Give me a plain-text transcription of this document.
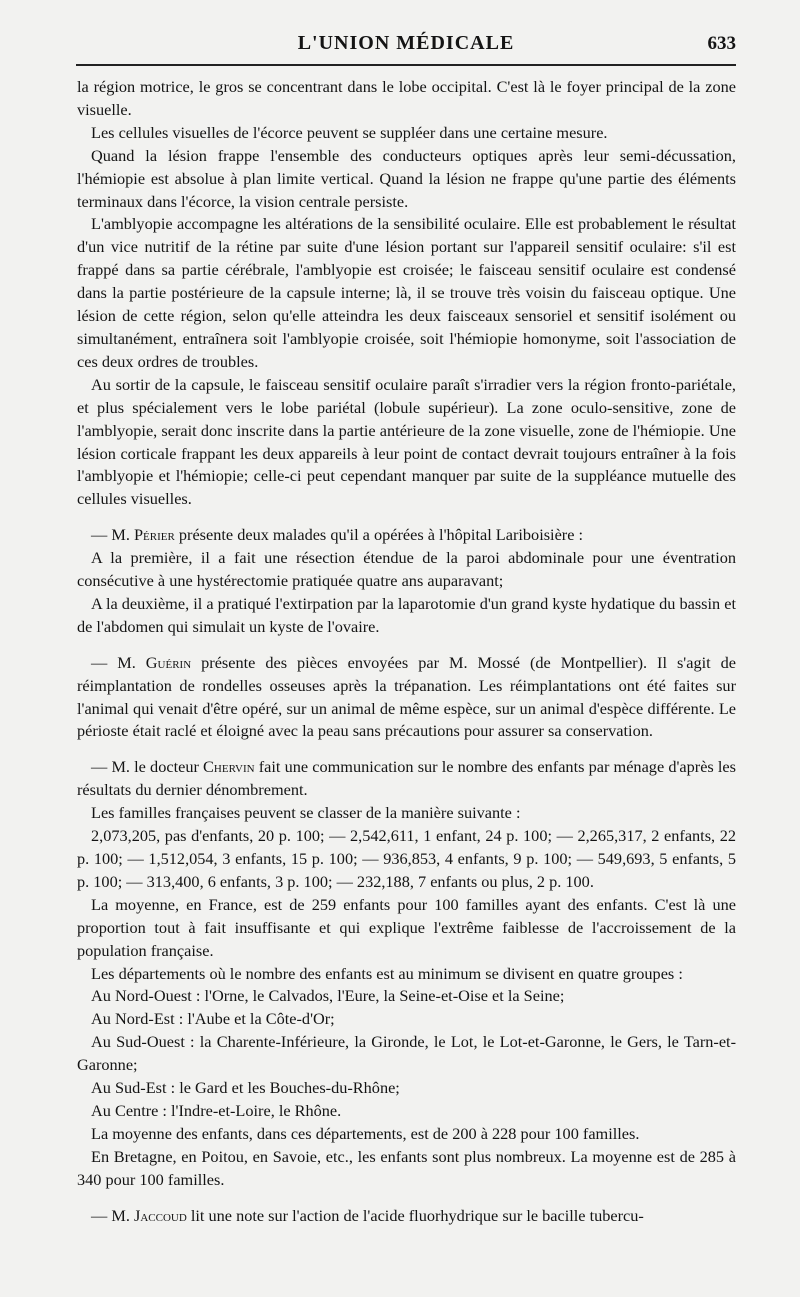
L'UNION MÉDICALE	633

la région motrice, le gros se concentrant dans le lobe occipital. C'est là le foyer principal de la zone visuelle.

Les cellules visuelles de l'écorce peuvent se suppléer dans une certaine mesure.

Quand la lésion frappe l'ensemble des conducteurs optiques après leur semi-décussation, l'hémiopie est absolue à plan limite vertical. Quand la lésion ne frappe qu'une partie des éléments terminaux dans l'écorce, la vision centrale persiste.

L'amblyopie accompagne les altérations de la sensibilité oculaire. Elle est probablement le résultat d'un vice nutritif de la rétine par suite d'une lésion portant sur l'appareil sensitif oculaire: s'il est frappé dans sa partie cérébrale, l'amblyopie est croisée; le faisceau sensitif oculaire est condensé dans la partie postérieure de la capsule interne; là, il se trouve très voisin du faisceau optique. Une lésion de cette région, selon qu'elle atteindra les deux faisceaux sensoriel et sensitif isolément ou simultanément, entraînera soit l'amblyopie croisée, soit l'hémiopie homonyme, soit l'association de ces deux ordres de troubles.

Au sortir de la capsule, le faisceau sensitif oculaire paraît s'irradier vers la région fronto-pariétale, et plus spécialement vers le lobe pariétal (lobule supérieur). La zone oculo-sensitive, zone de l'amblyopie, serait donc inscrite dans la partie antérieure de la zone visuelle, zone de l'hémiopie. Une lésion corticale frappant les deux appareils à leur point de contact devrait toujours entraîner à la fois l'amblyopie et l'hémiopie; celle-ci peut cependant manquer par suite de la suppléance mutuelle des cellules visuelles.

— M. Périer présente deux malades qu'il a opérées à l'hôpital Lariboisière :

A la première, il a fait une résection étendue de la paroi abdominale pour une éventration consécutive à une hystérectomie pratiquée quatre ans auparavant;

A la deuxième, il a pratiqué l'extirpation par la laparotomie d'un grand kyste hydatique du bassin et de l'abdomen qui simulait un kyste de l'ovaire.

— M. Guérin présente des pièces envoyées par M. Mossé (de Montpellier). Il s'agit de réimplantation de rondelles osseuses après la trépanation. Les réimplantations ont été faites sur l'animal qui venait d'être opéré, sur un animal de même espèce, sur un animal d'espèce différente. Le périoste était raclé et éloigné avec la peau sans précautions pour assurer sa conservation.

— M. le docteur Chervin fait une communication sur le nombre des enfants par ménage d'après les résultats du dernier dénombrement.

Les familles françaises peuvent se classer de la manière suivante :

2,073,205, pas d'enfants, 20 p. 100; — 2,542,611, 1 enfant, 24 p. 100; — 2,265,317, 2 enfants, 22 p. 100; — 1,512,054, 3 enfants, 15 p. 100; — 936,853, 4 enfants, 9 p. 100; — 549,693, 5 enfants, 5 p. 100; — 313,400, 6 enfants, 3 p. 100; — 232,188, 7 enfants ou plus, 2 p. 100.

La moyenne, en France, est de 259 enfants pour 100 familles ayant des enfants. C'est là une proportion tout à fait insuffisante et qui explique l'extrême faiblesse de l'accroissement de la population française.

Les départements où le nombre des enfants est au minimum se divisent en quatre groupes :

Au Nord-Ouest : l'Orne, le Calvados, l'Eure, la Seine-et-Oise et la Seine;

Au Nord-Est : l'Aube et la Côte-d'Or;

Au Sud-Ouest : la Charente-Inférieure, la Gironde, le Lot, le Lot-et-Garonne, le Gers, le Tarn-et-Garonne;

Au Sud-Est : le Gard et les Bouches-du-Rhône;

Au Centre : l'Indre-et-Loire, le Rhône.

La moyenne des enfants, dans ces départements, est de 200 à 228 pour 100 familles.

En Bretagne, en Poitou, en Savoie, etc., les enfants sont plus nombreux. La moyenne est de 285 à 340 pour 100 familles.

— M. Jaccoud lit une note sur l'action de l'acide fluorhydrique sur le bacille tubercu-
